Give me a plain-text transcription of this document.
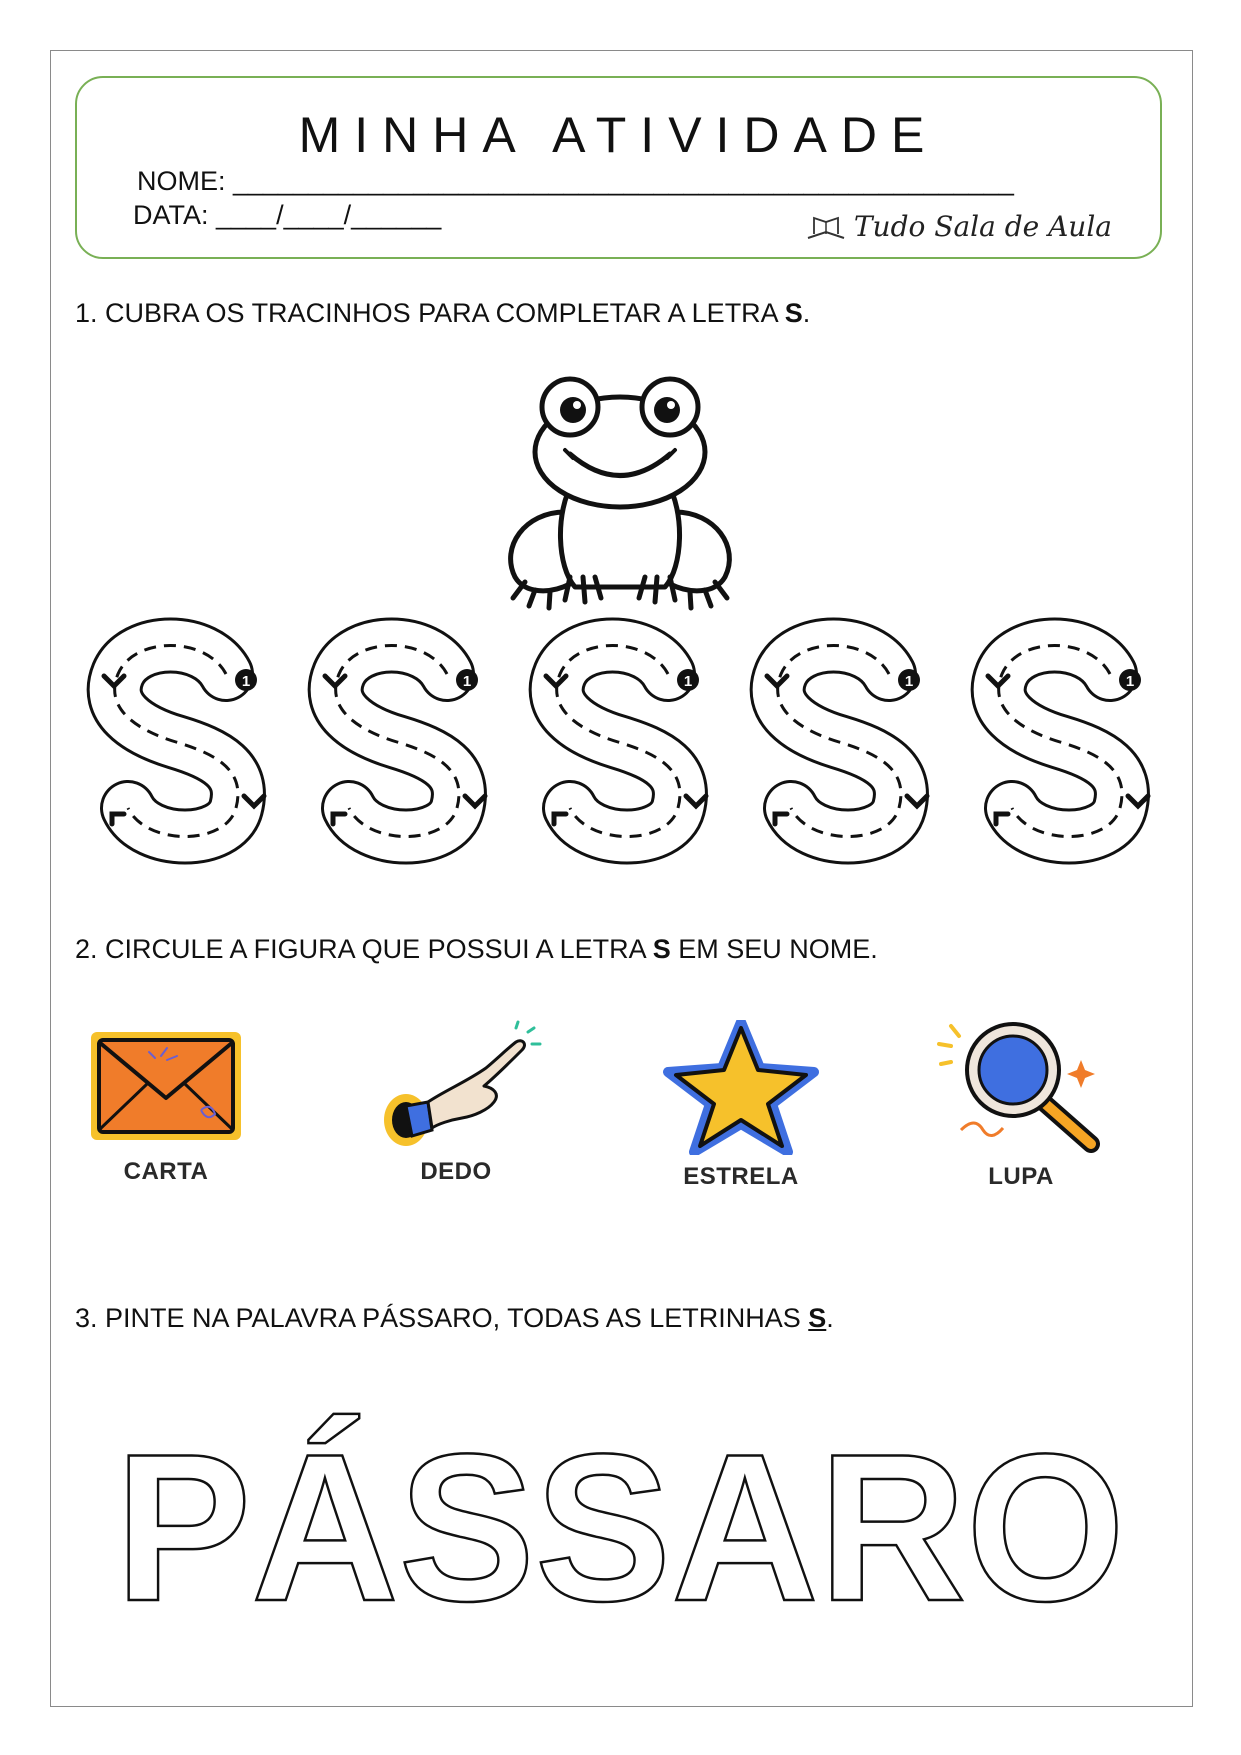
MINHA ATIVIDADE
NOME: ____________________________________________________
DATA: ____/____/______	Tudo Sala de Aula
1. CUBRA OS TRACINHOS PARA COMPLETAR A LETRA S.
1	1	1	1	1
2. CIRCULE A FIGURA QUE POSSUI A LETRA S EM SEU NOME.
CARTA	DEDO	ESTRELA	LUPA
3. PINTE NA PALAVRA PÁSSARO, TODAS AS LETRINHAS S.
PÁSSARO
